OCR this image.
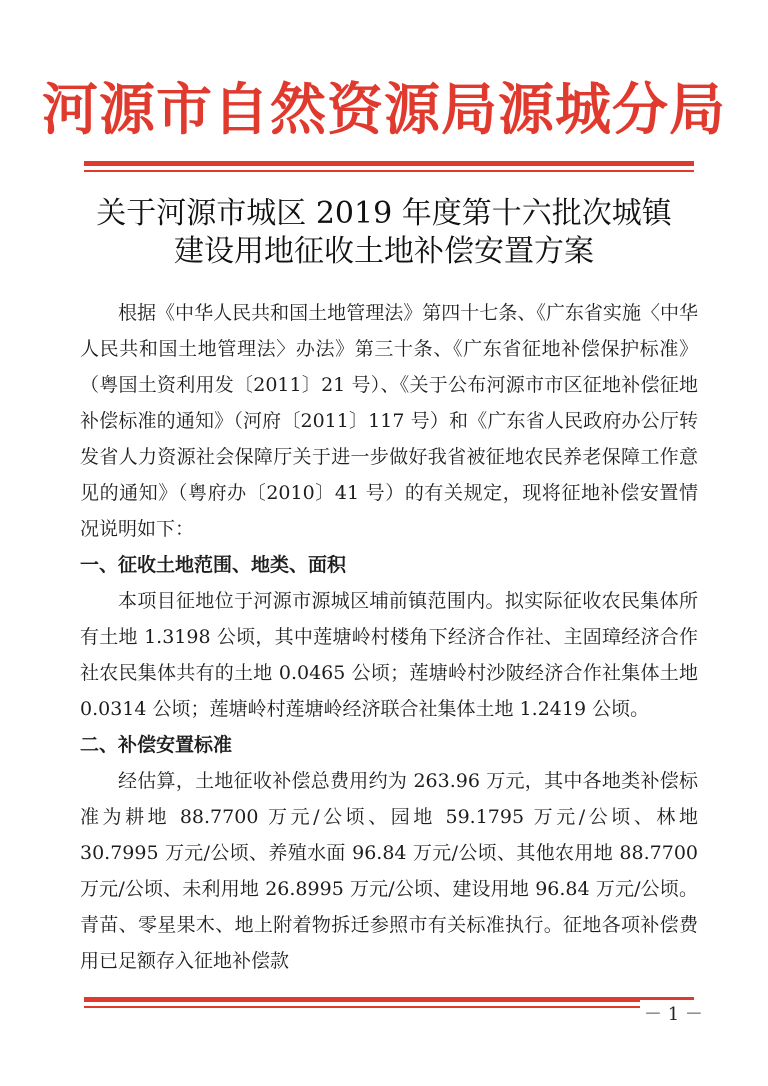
河源市自然资源局源城分局
关于河源市城区 2019 年度第十六批次城镇
建设用地征收土地补偿安置方案

根据《中华人民共和国土地管理法》第四十七条、《广东省实施〈中华人民共和国土地管理法〉办法》第三十条、《广东省征地补偿保护标准》（粤国土资利用发〔2011〕21 号）、《关于公布河源市市区征地补偿征地补偿标准的通知》（河府〔2011〕117 号）和《广东省人民政府办公厅转发省人力资源社会保障厅关于进一步做好我省被征地农民养老保障工作意见的通知》（粤府办〔2010〕41 号）的有关规定，现将征地补偿安置情况说明如下：

一、征收土地范围、地类、面积

本项目征地位于河源市源城区埔前镇范围内。拟实际征收农民集体所有土地 1.3198 公顷，其中莲塘岭村楼角下经济合作社、主固璋经济合作社农民集体共有的土地 0.0465 公顷；莲塘岭村沙陂经济合作社集体土地 0.0314 公顷；莲塘岭村莲塘岭经济联合社集体土地 1.2419 公顷。

二、补偿安置标准

经估算，土地征收补偿总费用约为 263.96 万元，其中各地类补偿标准为耕地 88.7700 万元/公顷、园地 59.1795 万元/公顷、林地 30.7995 万元/公顷、养殖水面 96.84 万元/公顷、其他农用地 88.7700 万元/公顷、未利用地 26.8995 万元/公顷、建设用地 96.84 万元/公顷。青苗、零星果木、地上附着物拆迁参照市有关标准执行。征地各项补偿费用已足额存入征地补偿款

－ 1 －
